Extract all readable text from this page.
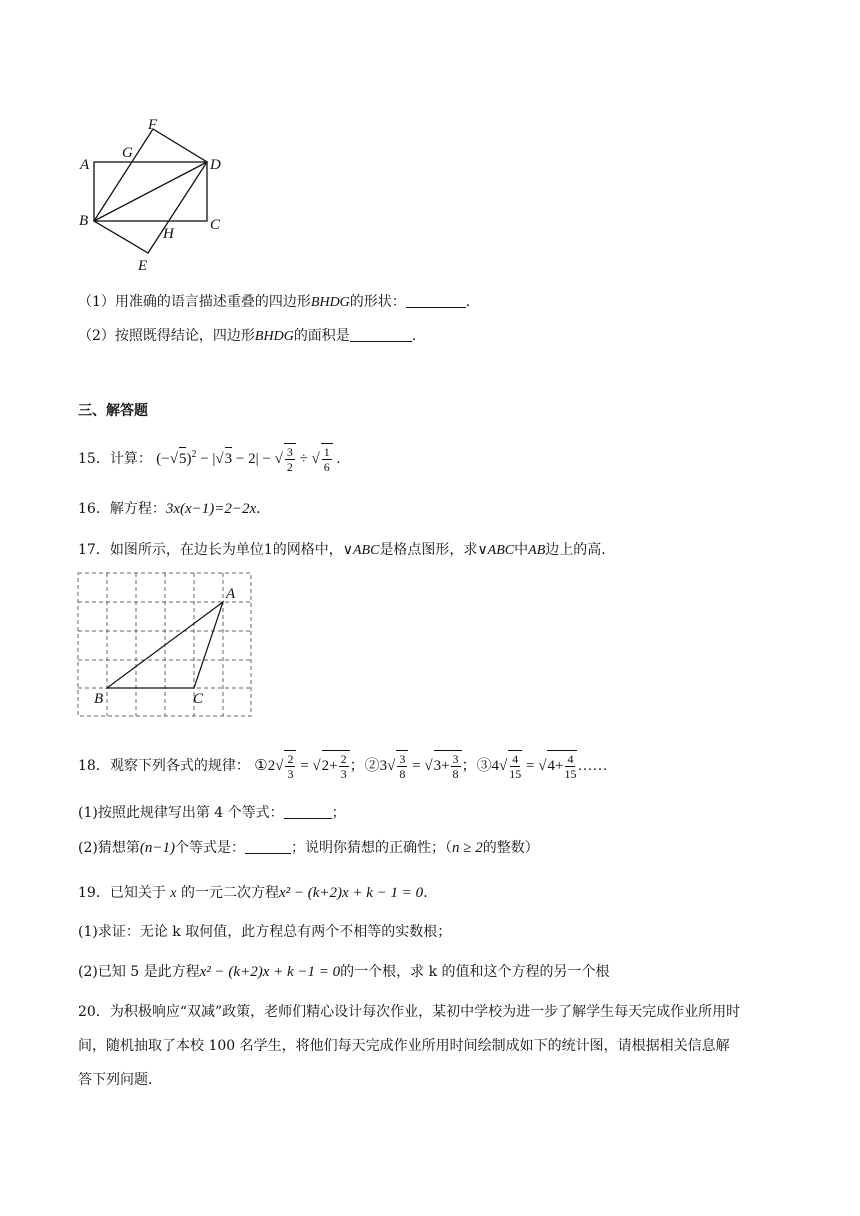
A
G
F
D
B	C
H
E
（1）用准确的语言描述重叠的四边形BHDG的形状：	．
（2）按照既得结论，四边形BHDG的面积是	．
三、解答题
15．计算： $(-√5)^2 - |√3 - 2|$ − √ $\frac{3}{2}$ ÷ √ $\frac{1}{6}$ .
16．解方程：3x(x−1)=2−2x．
17．如图所示，在边长为单位1的网格中，∨ABC是格点图形，求∨ABC中AB边上的高．
A
B	C
18．观察下列各式的规律： ①2√ $\frac{2}{3} = √2+ \frac{2}{3}$ ；②3√ $\frac{3}{8} = √3+ \frac{3}{8}$ ；③4√ $\frac{4}{15} = √4+ \frac{4}{15}$ ……
(1)按照此规律写出第 4 个等式：	；
(2)猜想第(n−1)个等式是：	；说明你猜想的正确性；（n ≥ 2的整数）
19．已知关于 x 的一元二次方程x² − (k+2)x + k − 1 = 0．
(1)求证：无论 k 取何值，此方程总有两个不相等的实数根；
(2)已知 5 是此方程x² − (k+2)x + k −1 = 0的一个根，求 k 的值和这个方程的另一个根
20．为积极响应“双减”政策，老师们精心设计每次作业，某初中学校为进一步了解学生每天完成作业所用时
间，随机抽取了本校 100 名学生，将他们每天完成作业所用时间绘制成如下的统计图，请根据相关信息解
答下列问题．
